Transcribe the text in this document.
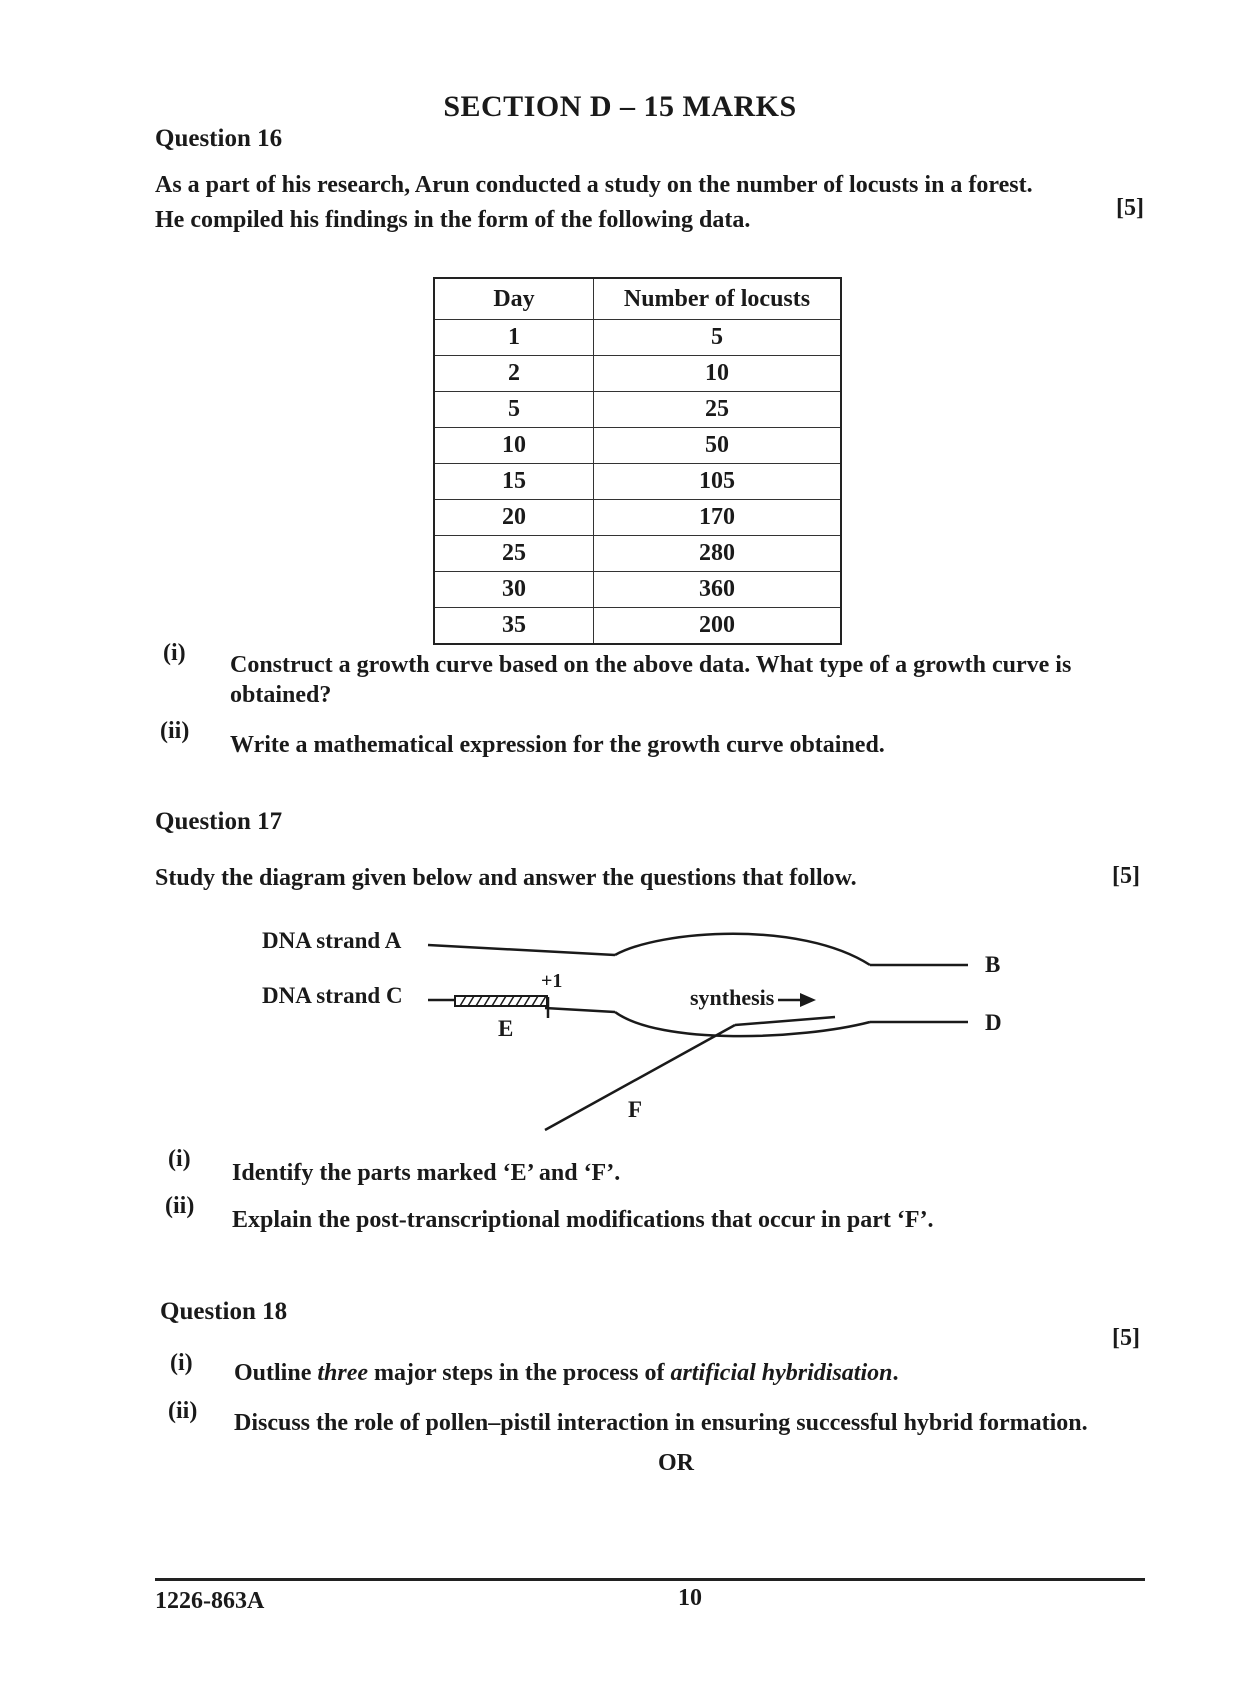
SECTION D – 15 MARKS
Question 16
[5]
As a part of his research, Arun conducted a study on the number of locusts in a forest.
He compiled his findings in the form of the following data.
Day	Number of locusts
1	5
2	10
5	25
10	50
15	105
20	170
25	280
30	360
35	200
(i) Construct a growth curve based on the above data. What type of a growth curve is
obtained?
(ii)
Write a mathematical expression for the growth curve obtained.
Question 17
[5]
Study the diagram given below and answer the questions that follow.
DNA strand A
DNA strand C
B
D
E
F
+1
synthesis
(i)
Identify the parts marked ‘E’ and ‘F’.
(ii)
Explain the post-transcriptional modifications that occur in part ‘F’.
Question 18
[5]
(i) Outline three major steps in the process of artificial hybridisation.
(ii) Discuss the role of pollen–pistil interaction in ensuring successful hybrid formation.
OR
1226-863A	10
